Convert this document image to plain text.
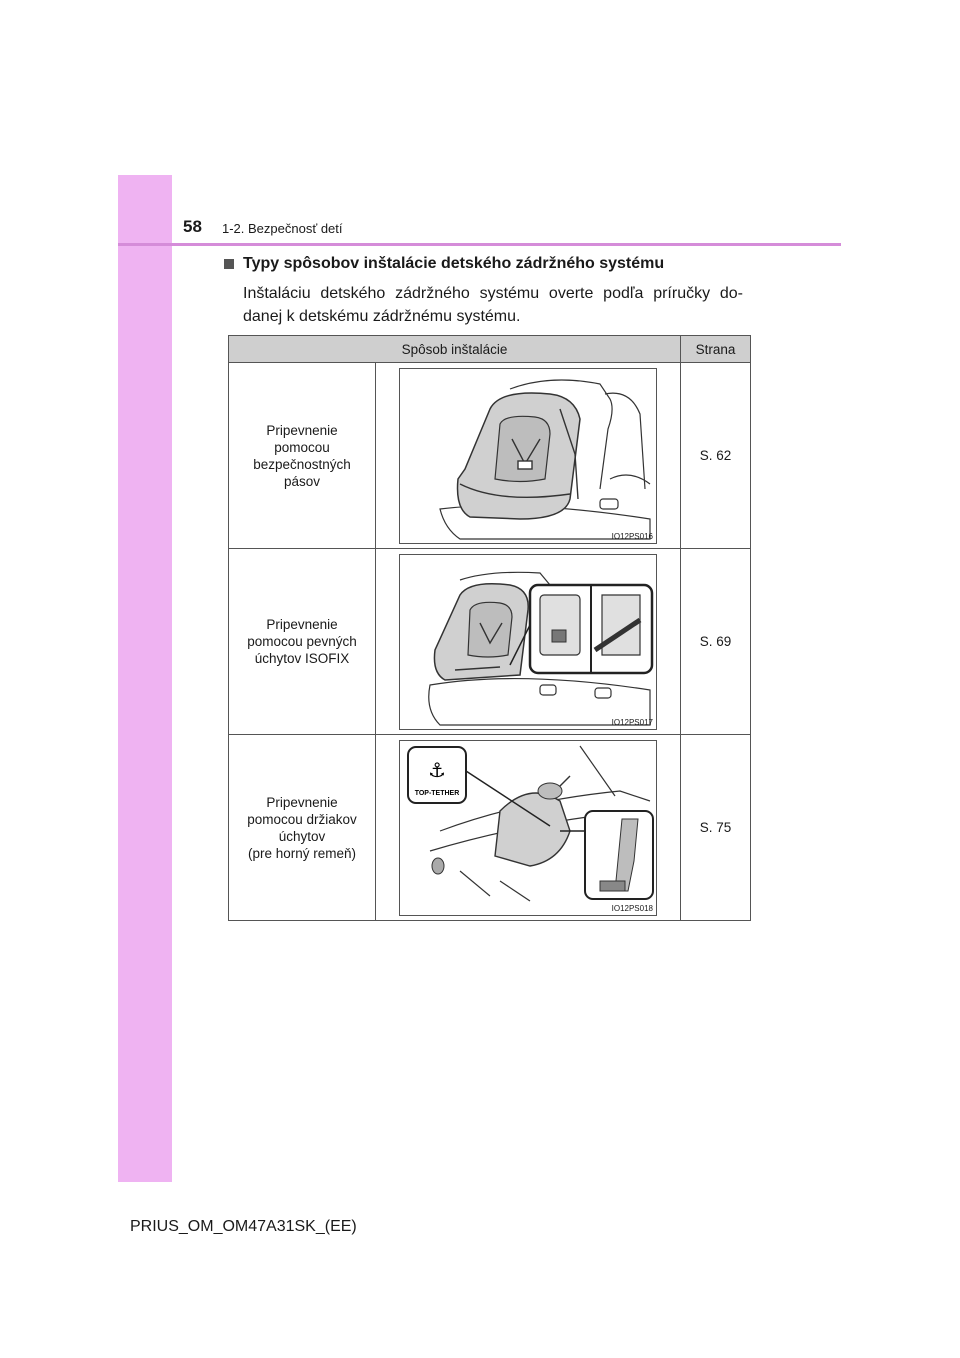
58 1-2. Bezpečnosť detí
Typy spôsobov inštalácie detského zádržného systému
Inštaláciu detského zádržného systému overte podľa príručky do-danej k detskému zádržnému systému.
Spôsob inštalácie		Strana
Pripevnenie
pomocou
bezpečnostných
pásov	IO12PS016	S. 62
Pripevnenie
pomocou pevných
úchytov ISOFIX	IO12PS017	S. 69
Pripevnenie
pomocou držiakov
úchytov
(pre horný remeň)	⚓
TOP-TETHER
IO12PS018	S. 75
PRIUS_OM_OM47A31SK_(EE)
